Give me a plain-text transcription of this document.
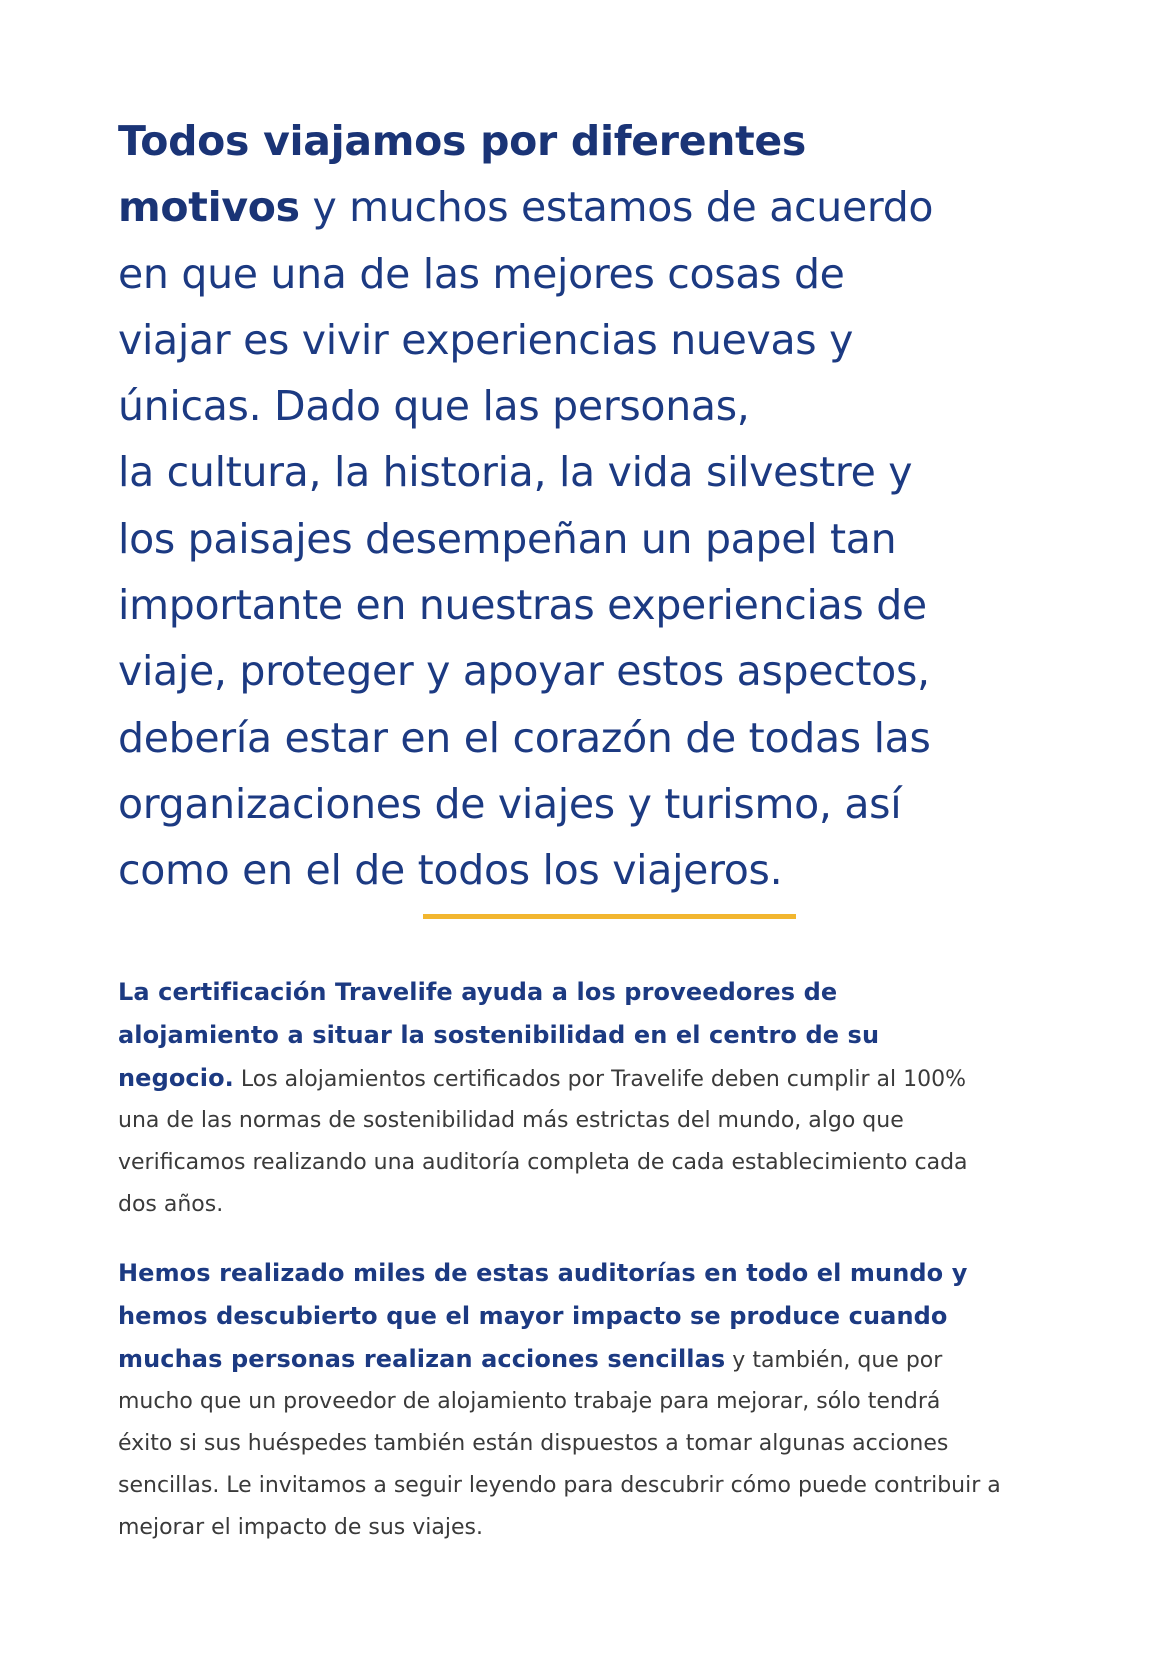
Todos viajamos por diferentes
motivos y muchos estamos de acuerdo
en que una de las mejores cosas de
viajar es vivir experiencias nuevas y
únicas. Dado que las personas,
la cultura, la historia, la vida silvestre y
los paisajes desempeñan un papel tan
importante en nuestras experiencias de
viaje, proteger y apoyar estos aspectos,
debería estar en el corazón de todas las
organizaciones de viajes y turismo, así
como en el de todos los viajeros.

La certificación Travelife ayuda a los proveedores de
alojamiento a situar la sostenibilidad en el centro de su
negocio. Los alojamientos certificados por Travelife deben cumplir al 100%
una de las normas de sostenibilidad más estrictas del mundo, algo que
verificamos realizando una auditoría completa de cada establecimiento cada
dos años.

Hemos realizado miles de estas auditorías en todo el mundo y
hemos descubierto que el mayor impacto se produce cuando
muchas personas realizan acciones sencillas y también, que por
mucho que un proveedor de alojamiento trabaje para mejorar, sólo tendrá
éxito si sus huéspedes también están dispuestos a tomar algunas acciones
sencillas. Le invitamos a seguir leyendo para descubrir cómo puede contribuir a
mejorar el impacto de sus viajes.
